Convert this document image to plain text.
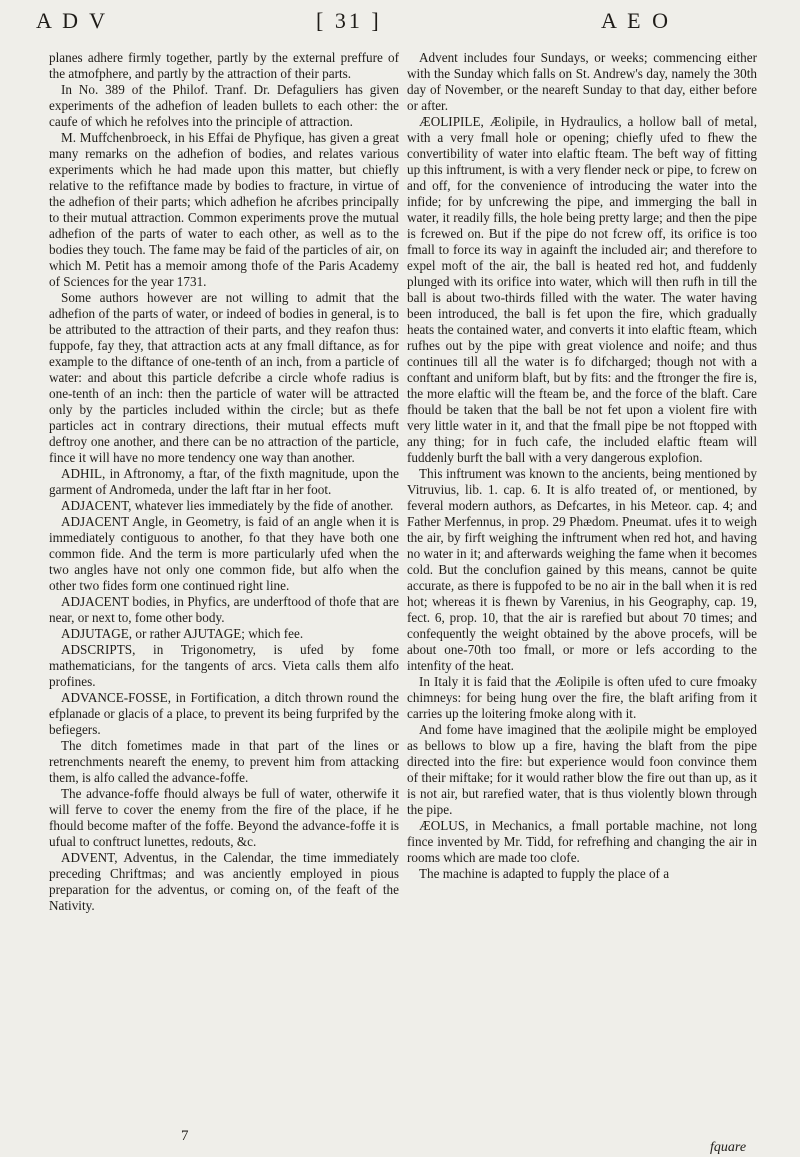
A D V	[ 31 ]	A E O

planes adhere firmly together, partly by the external preffure of the atmofphere, and partly by the attraction of their parts.

In No. 389 of the Philof. Tranf. Dr. Defaguliers has given experiments of the adhefion of leaden bullets to each other: the caufe of which he refolves into the principle of attraction.

M. Muffchenbroeck, in his Effai de Phyfique, has given a great many remarks on the adhefion of bodies, and relates various experiments which he had made upon this matter, but chiefly relative to the refiftance made by bodies to fracture, in virtue of the adhefion of their parts; which adhefion he afcribes principally to their mutual attraction. Common experiments prove the mutual adhefion of the parts of water to each other, as well as to the bodies they touch. The fame may be faid of the particles of air, on which M. Petit has a memoir among thofe of the Paris Academy of Sciences for the year 1731.

Some authors however are not willing to admit that the adhefion of the parts of water, or indeed of bodies in general, is to be attributed to the attraction of their parts, and they reafon thus: fuppofe, fay they, that attraction acts at any fmall diftance, as for example to the diftance of one-tenth of an inch, from a particle of water: and about this particle defcribe a circle whofe radius is one-tenth of an inch: then the particle of water will be attracted only by the particles included within the circle; but as thefe particles act in contrary directions, their mutual effects muft deftroy one another, and there can be no attraction of the particle, fince it will have no more tendency one way than another.

ADHIL, in Aftronomy, a ftar, of the fixth magnitude, upon the garment of Andromeda, under the laft ftar in her foot.

ADJACENT, whatever lies immediately by the fide of another.

ADJACENT Angle, in Geometry, is faid of an angle when it is immediately contiguous to another, fo that they have both one common fide. And the term is more particularly ufed when the two angles have not only one common fide, but alfo when the other two fides form one continued right line.

ADJACENT bodies, in Phyfics, are underftood of thofe that are near, or next to, fome other body.

ADJUTAGE, or rather AJUTAGE; which fee.

ADSCRIPTS, in Trigonometry, is ufed by fome mathematicians, for the tangents of arcs. Vieta calls them alfo profines.

ADVANCE-FOSSE, in Fortification, a ditch thrown round the efplanade or glacis of a place, to prevent its being furprifed by the befiegers.

The ditch fometimes made in that part of the lines or retrenchments neareft the enemy, to prevent him from attacking them, is alfo called the advance-foffe.

The advance-foffe fhould always be full of water, otherwife it will ferve to cover the enemy from the fire of the place, if he fhould become mafter of the foffe. Beyond the advance-foffe it is ufual to conftruct lunettes, redouts, &c.

ADVENT, Adventus, in the Calendar, the time immediately preceding Chriftmas; and was anciently employed in pious preparation for the adventus, or coming on, of the feaft of the Nativity.

Advent includes four Sundays, or weeks; commencing either with the Sunday which falls on St. Andrew's day, namely the 30th day of November, or the neareft Sunday to that day, either before or after.

ÆOLIPILE, Æolipile, in Hydraulics, a hollow ball of metal, with a very fmall hole or opening; chiefly ufed to fhew the convertibility of water into elaftic fteam. The beft way of fitting up this inftrument, is with a very flender neck or pipe, to fcrew on and off, for the convenience of introducing the water into the infide; for by unfcrewing the pipe, and immerging the ball in water, it readily fills, the hole being pretty large; and then the pipe is fcrewed on. But if the pipe do not fcrew off, its orifice is too fmall to force its way in againft the included air; and therefore to expel moft of the air, the ball is heated red hot, and fuddenly plunged with its orifice into water, which will then rufh in till the ball is about two-thirds filled with the water. The water having been introduced, the ball is fet upon the fire, which gradually heats the contained water, and converts it into elaftic fteam, which rufhes out by the pipe with great violence and noife; and thus continues till all the water is fo difcharged; though not with a conftant and uniform blaft, but by fits: and the ftronger the fire is, the more elaftic will the fteam be, and the force of the blaft. Care fhould be taken that the ball be not fet upon a violent fire with very little water in it, and that the fmall pipe be not ftopped with any thing; for in fuch cafe, the included elaftic fteam will fuddenly burft the ball with a very dangerous explofion.

This inftrument was known to the ancients, being mentioned by Vitruvius, lib. 1. cap. 6. It is alfo treated of, or mentioned, by feveral modern authors, as Defcartes, in his Meteor. cap. 4; and Father Merfennus, in prop. 29 Phædom. Pneumat. ufes it to weigh the air, by firft weighing the inftrument when red hot, and having no water in it; and afterwards weighing the fame when it becomes cold. But the conclufion gained by this means, cannot be quite accurate, as there is fuppofed to be no air in the ball when it is red hot; whereas it is fhewn by Varenius, in his Geography, cap. 19, fect. 6, prop. 10, that the air is rarefied but about 70 times; and confequently the weight obtained by the above procefs, will be about one-70th too fmall, or more or lefs according to the intenfity of the heat.

In Italy it is faid that the Æolipile is often ufed to cure fmoaky chimneys: for being hung over the fire, the blaft arifing from it carries up the loitering fmoke along with it.

And fome have imagined that the æolipile might be employed as bellows to blow up a fire, having the blaft from the pipe directed into the fire: but experience would foon convince them of their miftake; for it would rather blow the fire out than up, as it is not air, but rarefied water, that is thus violently blown through the pipe.

ÆOLUS, in Mechanics, a fmall portable machine, not long fince invented by Mr. Tidd, for refrefhing and changing the air in rooms which are made too clofe.

The machine is adapted to fupply the place of a

7
fquare
